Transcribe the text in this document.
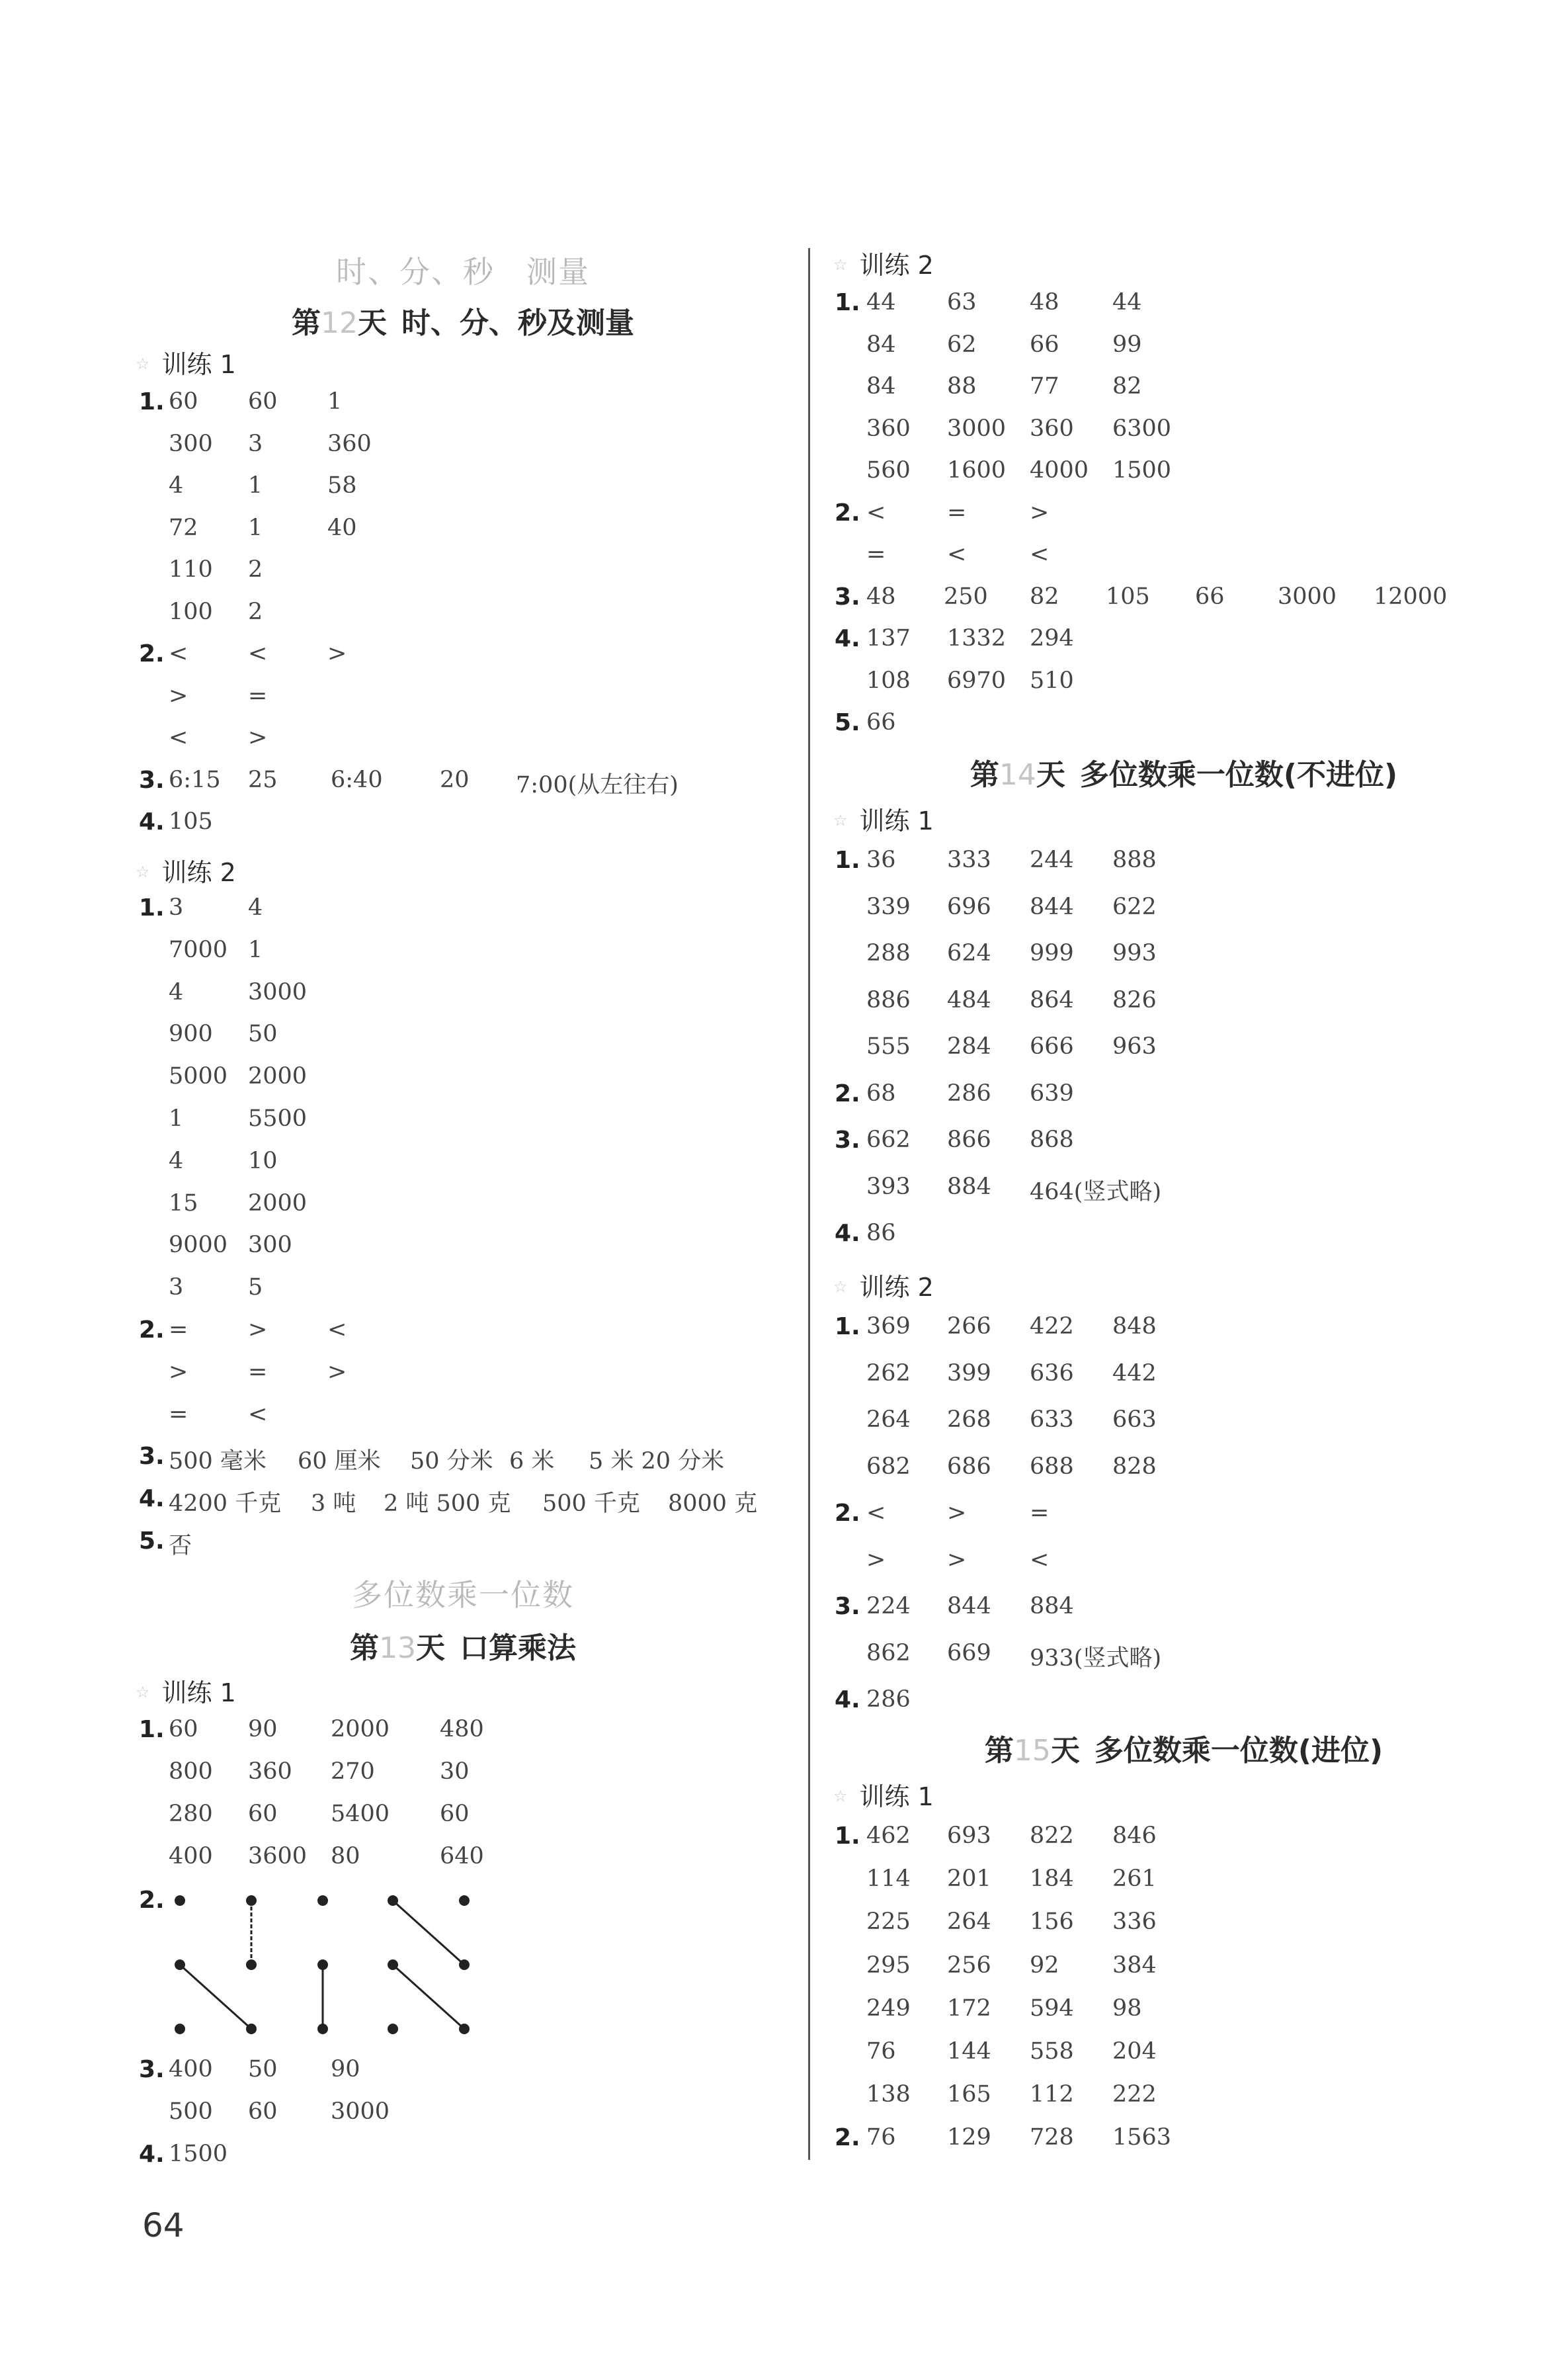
时、分、秒　测量
第12天 时、分、秒及测量
☆ 训练 1
1. 60 60 1
300 3	360
4	1	58
72 1	40
110 2
100 2
2. <	<	>
>	=
<	>
3. 6:15 25 6:40 20 7:00(从左往右)
4. 105
☆ 训练 2
1. 3	4
7000 1
4	3000
900 50
5000 2000
1	5500
4	10
15 2000
9000 300
3	5
2. =	>	<
>	=	>
=	<
3. 500 毫米 60 厘米 50 分米 6 米 5 米 20 分米
4. 4200 千克 3 吨 2 吨 500 克 500 千克 8000 克
5. 否
多位数乘一位数
第13天 口算乘法
☆ 训练 1
1. 60 90 2000 480
800 360 270	30
280 60 5400 60
400 3600 80	640
2.
3. 400 50 90
500 60 3000
4. 1500
☆ 训练 2
1. 44 63 48 44
84 62 66 99
84 88 77 82
360 3000 360 6300
560 1600 4000 1500
2. <	=	>
=	<	<
3. 48 250 82 105 66 3000 12000
4. 137 1332 294
108 6970 510
5. 66
第14天 多位数乘一位数(不进位)
☆ 训练 1
1. 36 333 244 888
339 696 844 622
288 624 999 993
886 484 864 826
555 284 666 963
2. 68 286 639
3. 662 866 868
393 884 464(竖式略)
4. 86
☆ 训练 2
1. 369 266 422 848
262 399 636 442
264 268 633 663
682 686 688 828
2. <	>	=
>	>	<
3. 224 844 884
862 669 933(竖式略)
4. 286
第15天 多位数乘一位数(进位)
☆ 训练 1
1. 462 693 822 846
114 201 184 261
225 264 156 336
295 256 92 384
249 172 594 98
76 144 558 204
138 165 112 222
2. 76 129 728 1563
64
